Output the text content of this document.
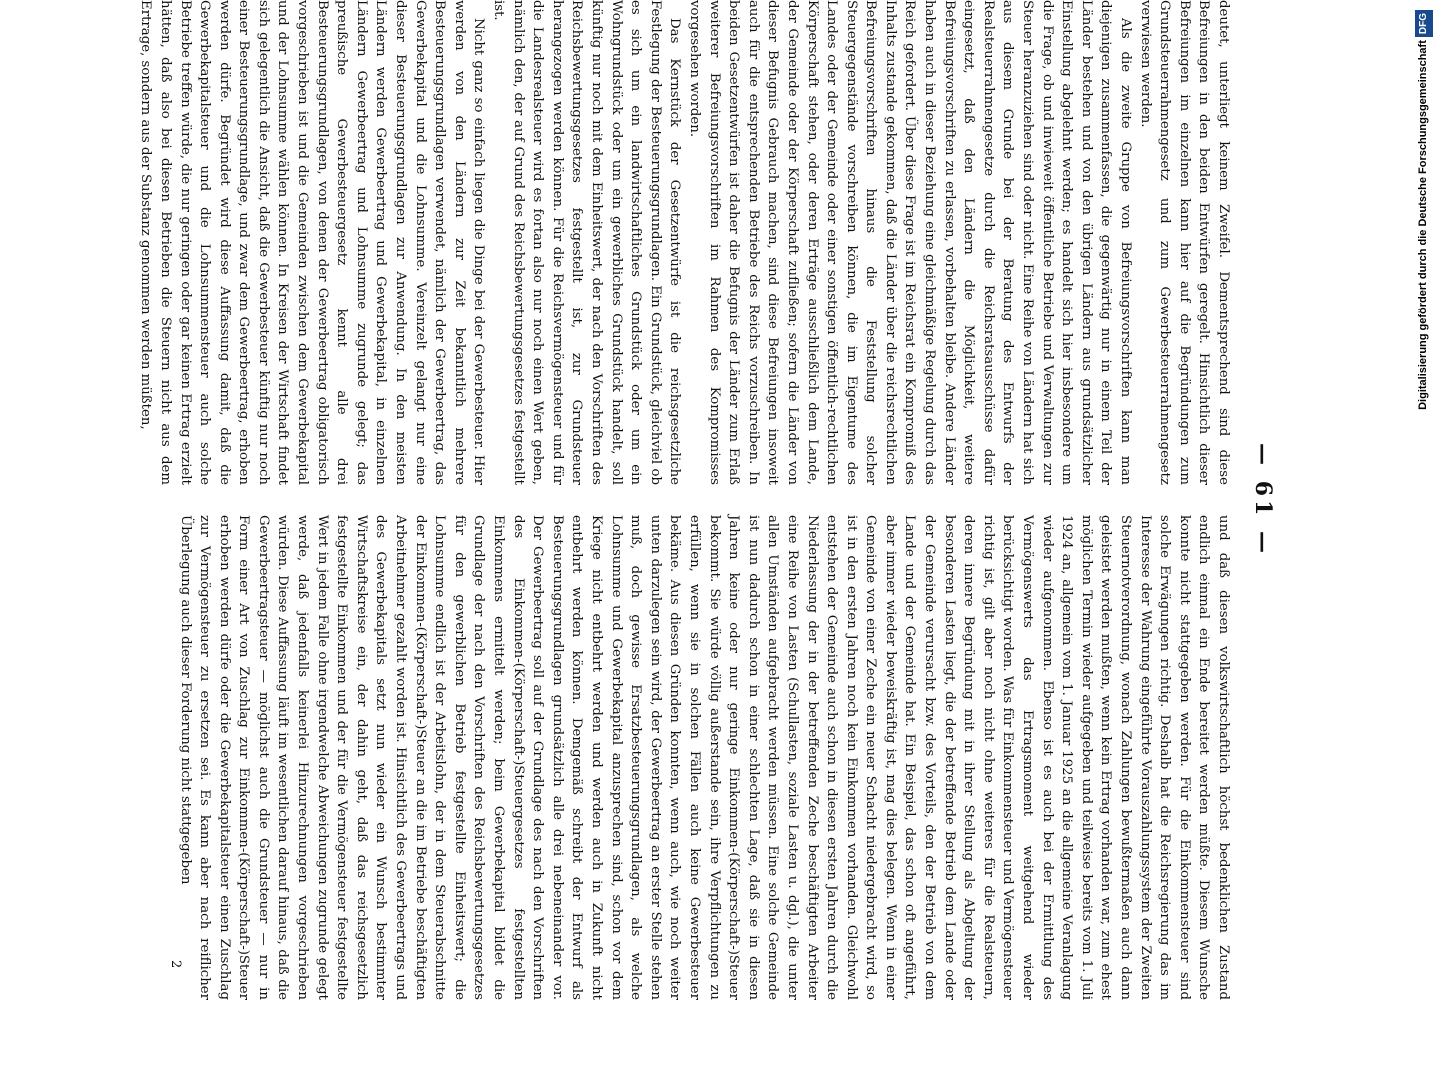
— 61 —

deutet, unterliegt keinem Zweifel. Dementsprechend sind diese Befreiungen in den beiden Entwürfen geregelt. Hinsichtlich dieser Befreiungen im einzelnen kann hier auf die Begründungen zum Grundsteuerrahmengesetz und zum Gewerbesteuerrahmengesetz verwiesen werden.

Als die zweite Gruppe von Befreiungsvorschriften kann man diejenigen zusammenfassen, die gegenwärtig nur in einem Teil der Länder bestehen und von den übrigen Ländern aus grundsätzlicher Einstellung abgelehnt werden; es handelt sich hier insbesondere um die Frage, ob und inwieweit öffentliche Betriebe und Verwaltungen zur Steuer heranzuziehen sind oder nicht. Eine Reihe von Ländern hat sich aus diesem Grunde bei der Beratung des Entwurfs der Realsteuerrahmengesetze durch die Reichsratsausschüsse dafür eingesetzt, daß den Ländern die Möglichkeit, weitere Befreiungsvorschriften zu erlassen, vorbehalten bleibe. Andere Länder haben auch in dieser Beziehung eine gleichmäßige Regelung durch das Reich gefordert. Über diese Frage ist im Reichsrat ein Kompromiß des Inhalts zustande gekommen, daß die Länder über die reichsrechtlichen Befreiungsvorschriften hinaus die Feststellung solcher Steuergegenstände vorschreiben können, die im Eigentume des Landes oder der Gemeinde oder einer sonstigen öffentlich-rechtlichen Körperschaft stehen, oder deren Erträge ausschließlich dem Lande, der Gemeinde oder der Körperschaft zufließen; sofern die Länder von dieser Befugnis Gebrauch machen, sind diese Befreiungen insoweit auch für die entsprechenden Betriebe des Reichs vorzuschreiben. In beiden Gesetzentwürfen ist daher die Befugnis der Länder zum Erlaß weiterer Befreiungsvorschriften im Rahmen des Kompromisses vorgesehen worden.

Das Kernstück der Gesetzentwürfe ist die reichsgesetzliche Festlegung der Besteuerungsgrundlagen. Ein Grundstück, gleichviel ob es sich um ein landwirtschaftliches Grundstück oder um ein Wohngrundstück oder um ein gewerbliches Grundstück handelt, soll künftig nur noch mit dem Einheitswert, der nach den Vorschriften des Reichsbewertungsgesetzes festgestellt ist, zur Grundsteuer herangezogen werden können. Für die Reichsvermögensteuer und für die Landesrealsteuer wird es fortan also nur noch einen Wert geben, nämlich den, der auf Grund des Reichsbewertungsgesetzes festgestellt ist.

Nicht ganz so einfach liegen die Dinge bei der Gewerbesteuer. Hier werden von den Ländern zur Zeit bekanntlich mehrere Besteuerungsgrundlagen verwendet, nämlich der Gewerbeertrag, das Gewerbekapital und die Lohnsumme. Vereinzelt gelangt nur eine dieser Besteuerungsgrundlagen zur Anwendung. In den meisten Ländern werden Gewerbeertrag und Gewerbekapital, in einzelnen Ländern Gewerbeertrag und Lohnsumme zugrunde gelegt; das preußische Gewerbesteuergesetz kennt alle drei Besteuerungsgrundlagen, von denen der Gewerbeertrag obligatorisch vorgeschrieben ist und die Gemeinden zwischen dem Gewerbekapital und der Lohnsumme wählen können. In Kreisen der Wirtschaft findet sich gelegentlich die Ansicht, daß die Gewerbesteuer künftig nur noch einer Besteuerungsgrundlage, und zwar dem Gewerbeertrag, erhoben werden dürfe. Begründet wird diese Auffassung damit, daß die Gewerbekapitalsteuer und die Lohnsummensteuer auch solche Betriebe treffen würde, die nur geringen oder gar keinen Ertrag erzielt hätten, daß also bei diesen Betrieben die Steuern nicht aus dem Ertrage, sondern aus der Substanz genommen werden müßten,

und daß diesen volkswirtschaftlich höchst bedenklichen Zustand endlich einmal ein Ende bereitet werden müßte. Diesem Wunsche konnte nicht stattgegeben werden. Für die Einkommensteuer sind solche Erwägungen richtig. Deshalb hat die Reichsregierung das im Interesse der Wahrung eingeführte Vorauszahlungssystem der Zweiten Steuernotverordnung, wonach Zahlungen bewußtermaßen auch dann geleistet werden mußten, wenn kein Ertrag vorhanden war, zum ehest möglichen Termin wieder aufgegeben und teilweise bereits vom 1. Juli 1924 an, allgemein vom 1. Januar 1925 an die allgemeine Veranlagung wieder aufgenommen. Ebenso ist es auch bei der Ermittlung des Vermögenswerts das Ertragsmoment weitgehend wieder berücksichtigt worden. Was für Einkommensteuer und Vermögensteuer richtig ist, gilt aber noch nicht ohne weiteres für die Realsteuern, deren innere Begründung mit in ihrer Stellung als Abgeltung der besonderen Lasten liegt, die der betreffende Betrieb dem Lande oder der Gemeinde verursacht bzw. des Vorteils, den der Betrieb von dem Lande und der Gemeinde hat. Ein Beispiel, das schon oft angeführt, aber immer wieder beweiskräftig ist, mag dies belegen. Wenn in einer Gemeinde von einer Zeche ein neuer Schacht niedergebracht wird, so ist in den ersten Jahren noch kein Einkommen vorhanden. Gleichwohl entstehen der Gemeinde auch schon in diesen ersten Jahren durch die Niederlassung der in der betreffenden Zeche beschäftigten Arbeiter eine Reihe von Lasten (Schullasten, soziale Lasten u. dgl.), die unter allen Umständen aufgebracht werden müssen. Eine solche Gemeinde ist nun dadurch schon in einer schlechten Lage, daß sie in diesen Jahren keine oder nur geringe Einkommen-(Körperschaft-)Steuer bekommt. Sie würde völlig außerstande sein, ihre Verpflichtungen zu erfüllen, wenn sie in solchen Fällen auch keine Gewerbesteuer bekäme. Aus diesen Gründen konnten, wenn auch, wie noch weiter unten darzulegen sein wird, der Gewerbeertrag an erster Stelle stehen muß, doch gewisse Ersatzbesteuerungsgrundlagen, als welche Lohnsumme und Gewerbekapital anzusprechen sind, schon vor dem Kriege nicht entbehrt werden und werden auch in Zukunft nicht entbehrt werden können. Demgemäß schreibt der Entwurf als Besteuerungsgrundlagen grundsätzlich alle drei nebeneinander vor. Der Gewerbeertrag soll auf der Grundlage des nach den Vorschriften des Einkommen-(Körperschaft-)Steuergesetzes festgestellten Einkommens ermittelt werden; beim Gewerbekapital bildet die Grundlage der nach den Vorschriften des Reichsbewertungsgesetzes für den gewerblichen Betrieb festgestellte Einheitswert; die Lohnsumme endlich ist der Arbeitslohn, der in dem Steuerabschnitte der Einkommen-(Körperschaft-)Steuer an die im Betriebe beschäftigten Arbeitnehmer gezahlt worden ist. Hinsichtlich des Gewerbeertrags und des Gewerbekapitals setzt nun wieder ein Wunsch bestimmter Wirtschaftskreise ein, der dahin geht, daß das reichsgesetzlich festgestellte Einkommen und der für die Vermögensteuer festgestellte Wert in jedem Falle ohne irgendwelche Abweichungen zugrunde gelegt werde, daß jedenfalls keinerlei Hinzurechnungen vorgeschrieben würden. Diese Auffassung läuft im wesentlichen darauf hinaus, daß die Gewerbeertragsteuer — möglichst auch die Grundsteuer — nur in Form einer Art von Zuschlag zur Einkommen-(Körperschaft-)Steuer erhoben werden dürfe oder die Gewerbekapitalsteuer einen Zuschlag zur Vermögensteuer zu ersetzen sei. Es kann aber nach reiflicher Überlegung auch dieser Forderung nicht stattgegeben

2
Digitalisierung gefördert durch die Deutsche ForschungsgemeinschaftDFG
